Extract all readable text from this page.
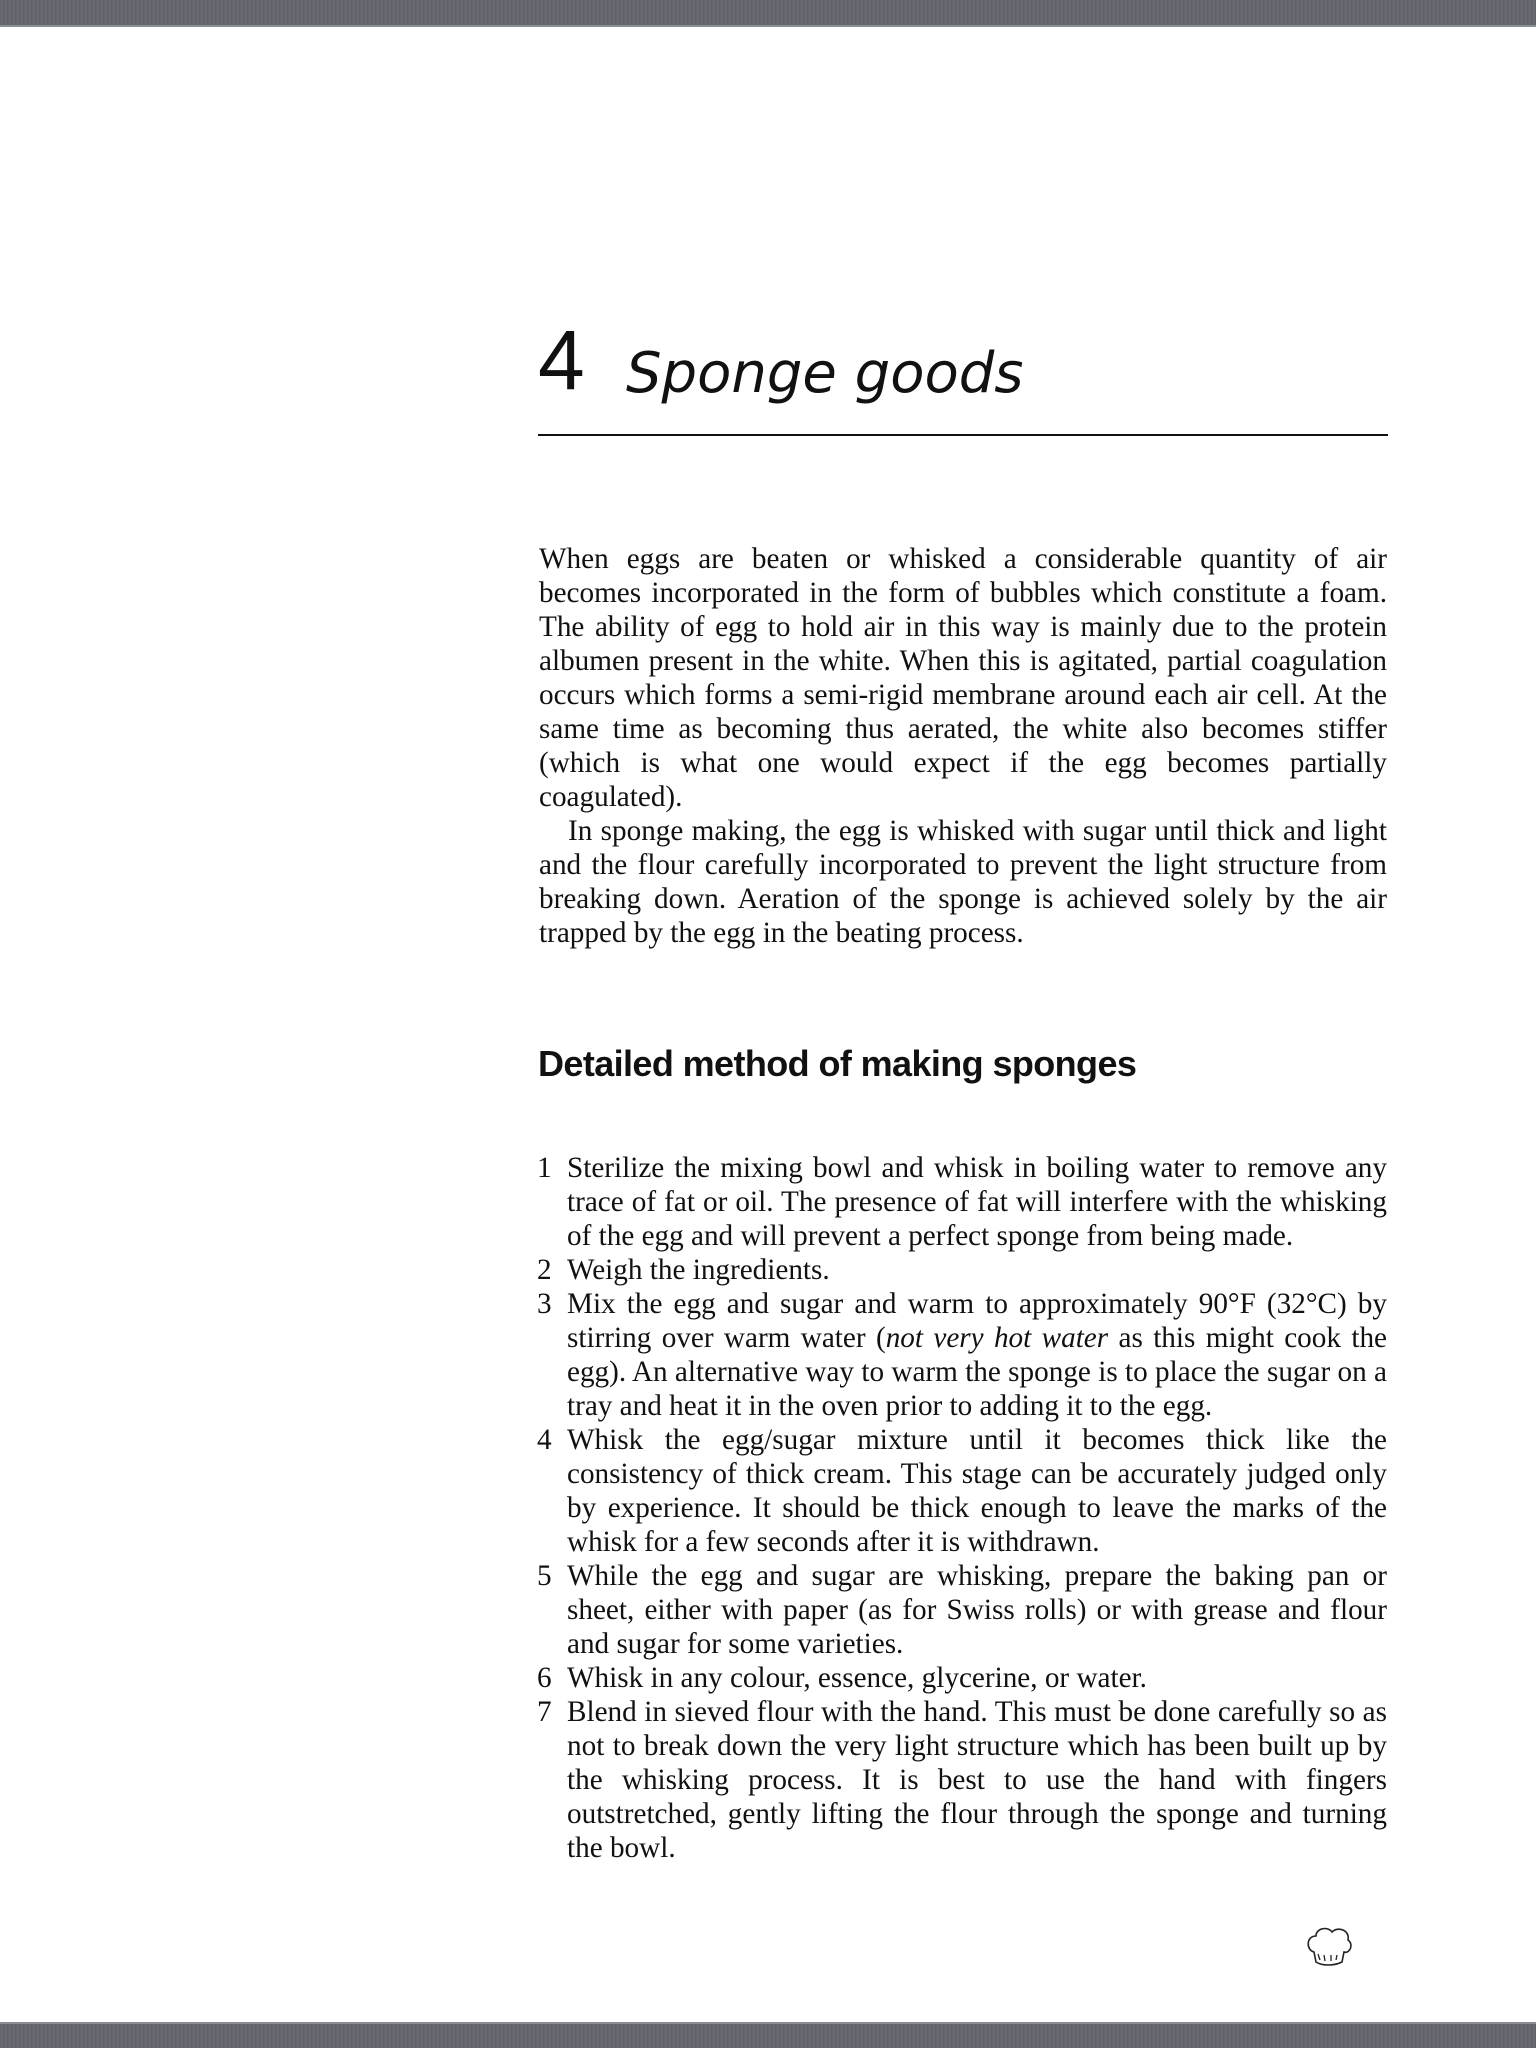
4 Sponge goods

When eggs are beaten or whisked a considerable quantity of air becomes incorporated in the form of bubbles which constitute a foam. The ability of egg to hold air in this way is mainly due to the protein albumen present in the white. When this is agitated, partial coagulation occurs which forms a semi-rigid membrane around each air cell. At the same time as becoming thus aerated, the white also becomes stiffer (which is what one would expect if the egg becomes partially coagulated).

In sponge making, the egg is whisked with sugar until thick and light and the flour carefully incorporated to prevent the light structure from breaking down. Aeration of the sponge is achieved solely by the air trapped by the egg in the beating process.

Detailed method of making sponges
1 Sterilize the mixing bowl and whisk in boiling water to remove any trace of fat or oil. The presence of fat will interfere with the whisking of the egg and will prevent a perfect sponge from being made.
2 Weigh the ingredients.
3 Mix the egg and sugar and warm to approximately 90°F (32°C) by stirring over warm water (not very hot water as this might cook the egg). An alternative way to warm the sponge is to place the sugar on a tray and heat it in the oven prior to adding it to the egg.
4 Whisk the egg/sugar mixture until it becomes thick like the consistency of thick cream. This stage can be accurately judged only by experience. It should be thick enough to leave the marks of the whisk for a few seconds after it is withdrawn.
5 While the egg and sugar are whisking, prepare the baking pan or sheet, either with paper (as for Swiss rolls) or with grease and flour and sugar for some varieties.
6 Whisk in any colour, essence, glycerine, or water.
7 Blend in sieved flour with the hand. This must be done carefully so as not to break down the very light structure which has been built up by the whisking process. It is best to use the hand with fingers outstretched, gently lifting the flour through the sponge and turning the bowl.
